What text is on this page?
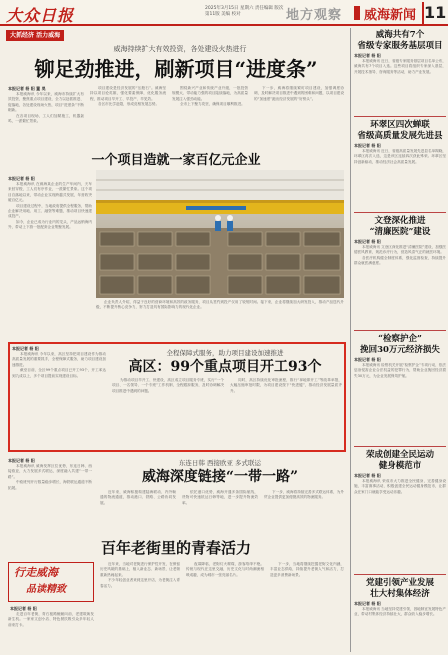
大众日报	2025年3月15日 星期六 责任编辑 版次 第11版 美编 校对	地方观察 威海新闻 11
大抓经济 活力威海
威海持续扩大有效投资，各处建设火热进行
铆足劲推进，刷新项目“进度条”
本报记者 杨 阳 董 昊

本报威海讯 今年以来，威海市持续扩大有效投资，聚焦重点项目建设，全力以赴抓推进、促落地，各处建设现场火热，项目“进度条”不断刷新。

在各项目现场，工人们加紧施工，机器轰鸣，一派繁忙景象。

项目建设是经济发展的“压舱石”。威海坚持以项目论英雄，强化要素保障，优化服务流程，推动项目早开工、早投产、早见效。

各区市比学赶超，形成竞相发展态势。

围绕新兴产业和传统产业升级，一批投资规模大、带动能力强的项目陆续落地，为高质量发展注入强劲动能。

全市上下聚力攻坚，确保项目顺利推进。

下一步，威海将继续紧盯项目建设，加强调度协调，及时解决项目推进中遇到的困难和问题，以项目建设的“加速度”跑出经济发展的“好势头”。

一个项目造就一家百亿元企业
本报记者 杨 阳

本报威海讯 在威海某企业的生产车间内，天车来回穿梭，工人们有序作业，一派繁忙景象。这个项目自落地以来，带动企业实现跨越式发展，年营收突破百亿元。

项目建设过程中，当地政府提供全程服务，帮助企业解决用地、用工、融资等难题，推动项目快速建成投产。

如今，企业已成为行业内的龙头，产品远销海内外，带动上下游一批配套企业集聚发展。

企业负责人介绍，得益于良好的营商环境和高效的政务服务，项目从签约到投产仅用了较短时间。接下来，企业将继续加大研发投入，推动产品迭代升级，不断提升核心竞争力，努力打造具有国际影响力的现代化企业。

本报记者 杨 阳
全程保障式服务，助力项目建设加速推进
高区：99个重点项目开工93个

本报威海讯 今年以来，高区坚持把项目建设作为推动高质量发展的重要抓手，全程保障式服务，助力项目建设加速推进。

截至目前，全区99个重点项目已开工93个，开工率达到九成以上，多个项目提前实现建设目标。

为推动项目早开工、快建设，高区成立项目服务专班，实行“一个项目、一名领导、一个专班”工作机制，全程跟踪服务，及时协调解决项目推进中遇到的问题。

同时，高区持续优化审批流程，推行“拿地即开工”等改革举措，大幅压缩审批时限，为项目建设按下“快进键”，推动经济发展量质齐升。

本报记者 杨 阳

本报威海讯 威海发挥区位优势，东连日韩、西接欧亚，大力发展多式联运，深度融入共建“一带一路”。

中欧班列开行数量稳步增长，海铁联运通道不断拓展。

东连日韩 西接欧亚 多式联运
威海深度链接“一带一路”

近年来，威海积极构建陆海联动、内外畅通的物流通道，推动港口、铁路、公路协同发展。

依托港口优势，威海开通多条国际航线，货物可快速抵达日韩等地，进一步提升物流效率。

下一步，威海将持续完善多式联运体系，为外贸企业提供更加便捷高效的物流服务。

百年老街里的青春活力
行走威海
品读精致
本报记者 杨 阳

走进百年老街，青石板路蜿蜒向前，老建筑焕发新生机。一家家文创小店、特色餐饮吸引众多年轻人前来打卡。

近年来，当地对老街进行保护性开发，在保留历史风貌的基础上，植入新业态、新场景，让老街重新热闹起来。

不少年轻创业者来到这里开店，为老街注入青春活力。

夜幕降临，老街灯火璀璨，游客络绎不绝。传统与现代在这里交融，历史文化与时尚潮流相映成趣，成为城市一张亮丽名片。

下一步，当地将继续挖掘老街文化内涵，丰富业态供给，持续提升老街人气和活力，打造更多消费新场景。

威海共有7个
省级专家服务基层项目
本报记者 杨 阳

本报威海讯 近日，省级专家服务基层项目名单公布，威海共有7个项目入选。这些项目将组织专家深入基层，开展技术指导、咨询服务等活动，助力产业发展。

环翠区四次蝉联
省级高质量发展先进县
本报记者 杨 阳

本报威海讯 近日，省级高质量发展先进县名单揭晓，环翠区再次入选，这是该区连续四次获此殊荣。环翠区坚持创新驱动，推动经济社会高质量发展。

文登深化推进
“清廉医院”建设
本报记者 杨 阳

本报威海讯 文登区深化推进“清廉医院”建设，加强医德医风教育，规范诊疗行为，营造风清气正的就医环境。

各医疗机构健全制度体系，强化监督检查，持续提升群众就医满意度。

“检察护企”
挽回30万元经济损失
本报记者 杨 阳

本报威海讯 检察机关开展“检察护企”专项行动，依法惩治侵害企业合法权益的犯罪行为，帮助企业挽回经济损失30万元，为企业发展保驾护航。

荣成创建全民运动
健身模范市
本报记者 杨 阳

本报威海讯 荣成市大力推进全民健身，完善健身设施，丰富赛事活动，积极创建全民运动健身模范市，让群众在家门口就能享受运动乐趣。

党建引领产业发展
壮大村集体经济
本报记者 杨 阳

本报威海讯 当地坚持党建引领，因地制宜发展特色产业，带动村集体经济持续壮大，群众收入稳步增长。
